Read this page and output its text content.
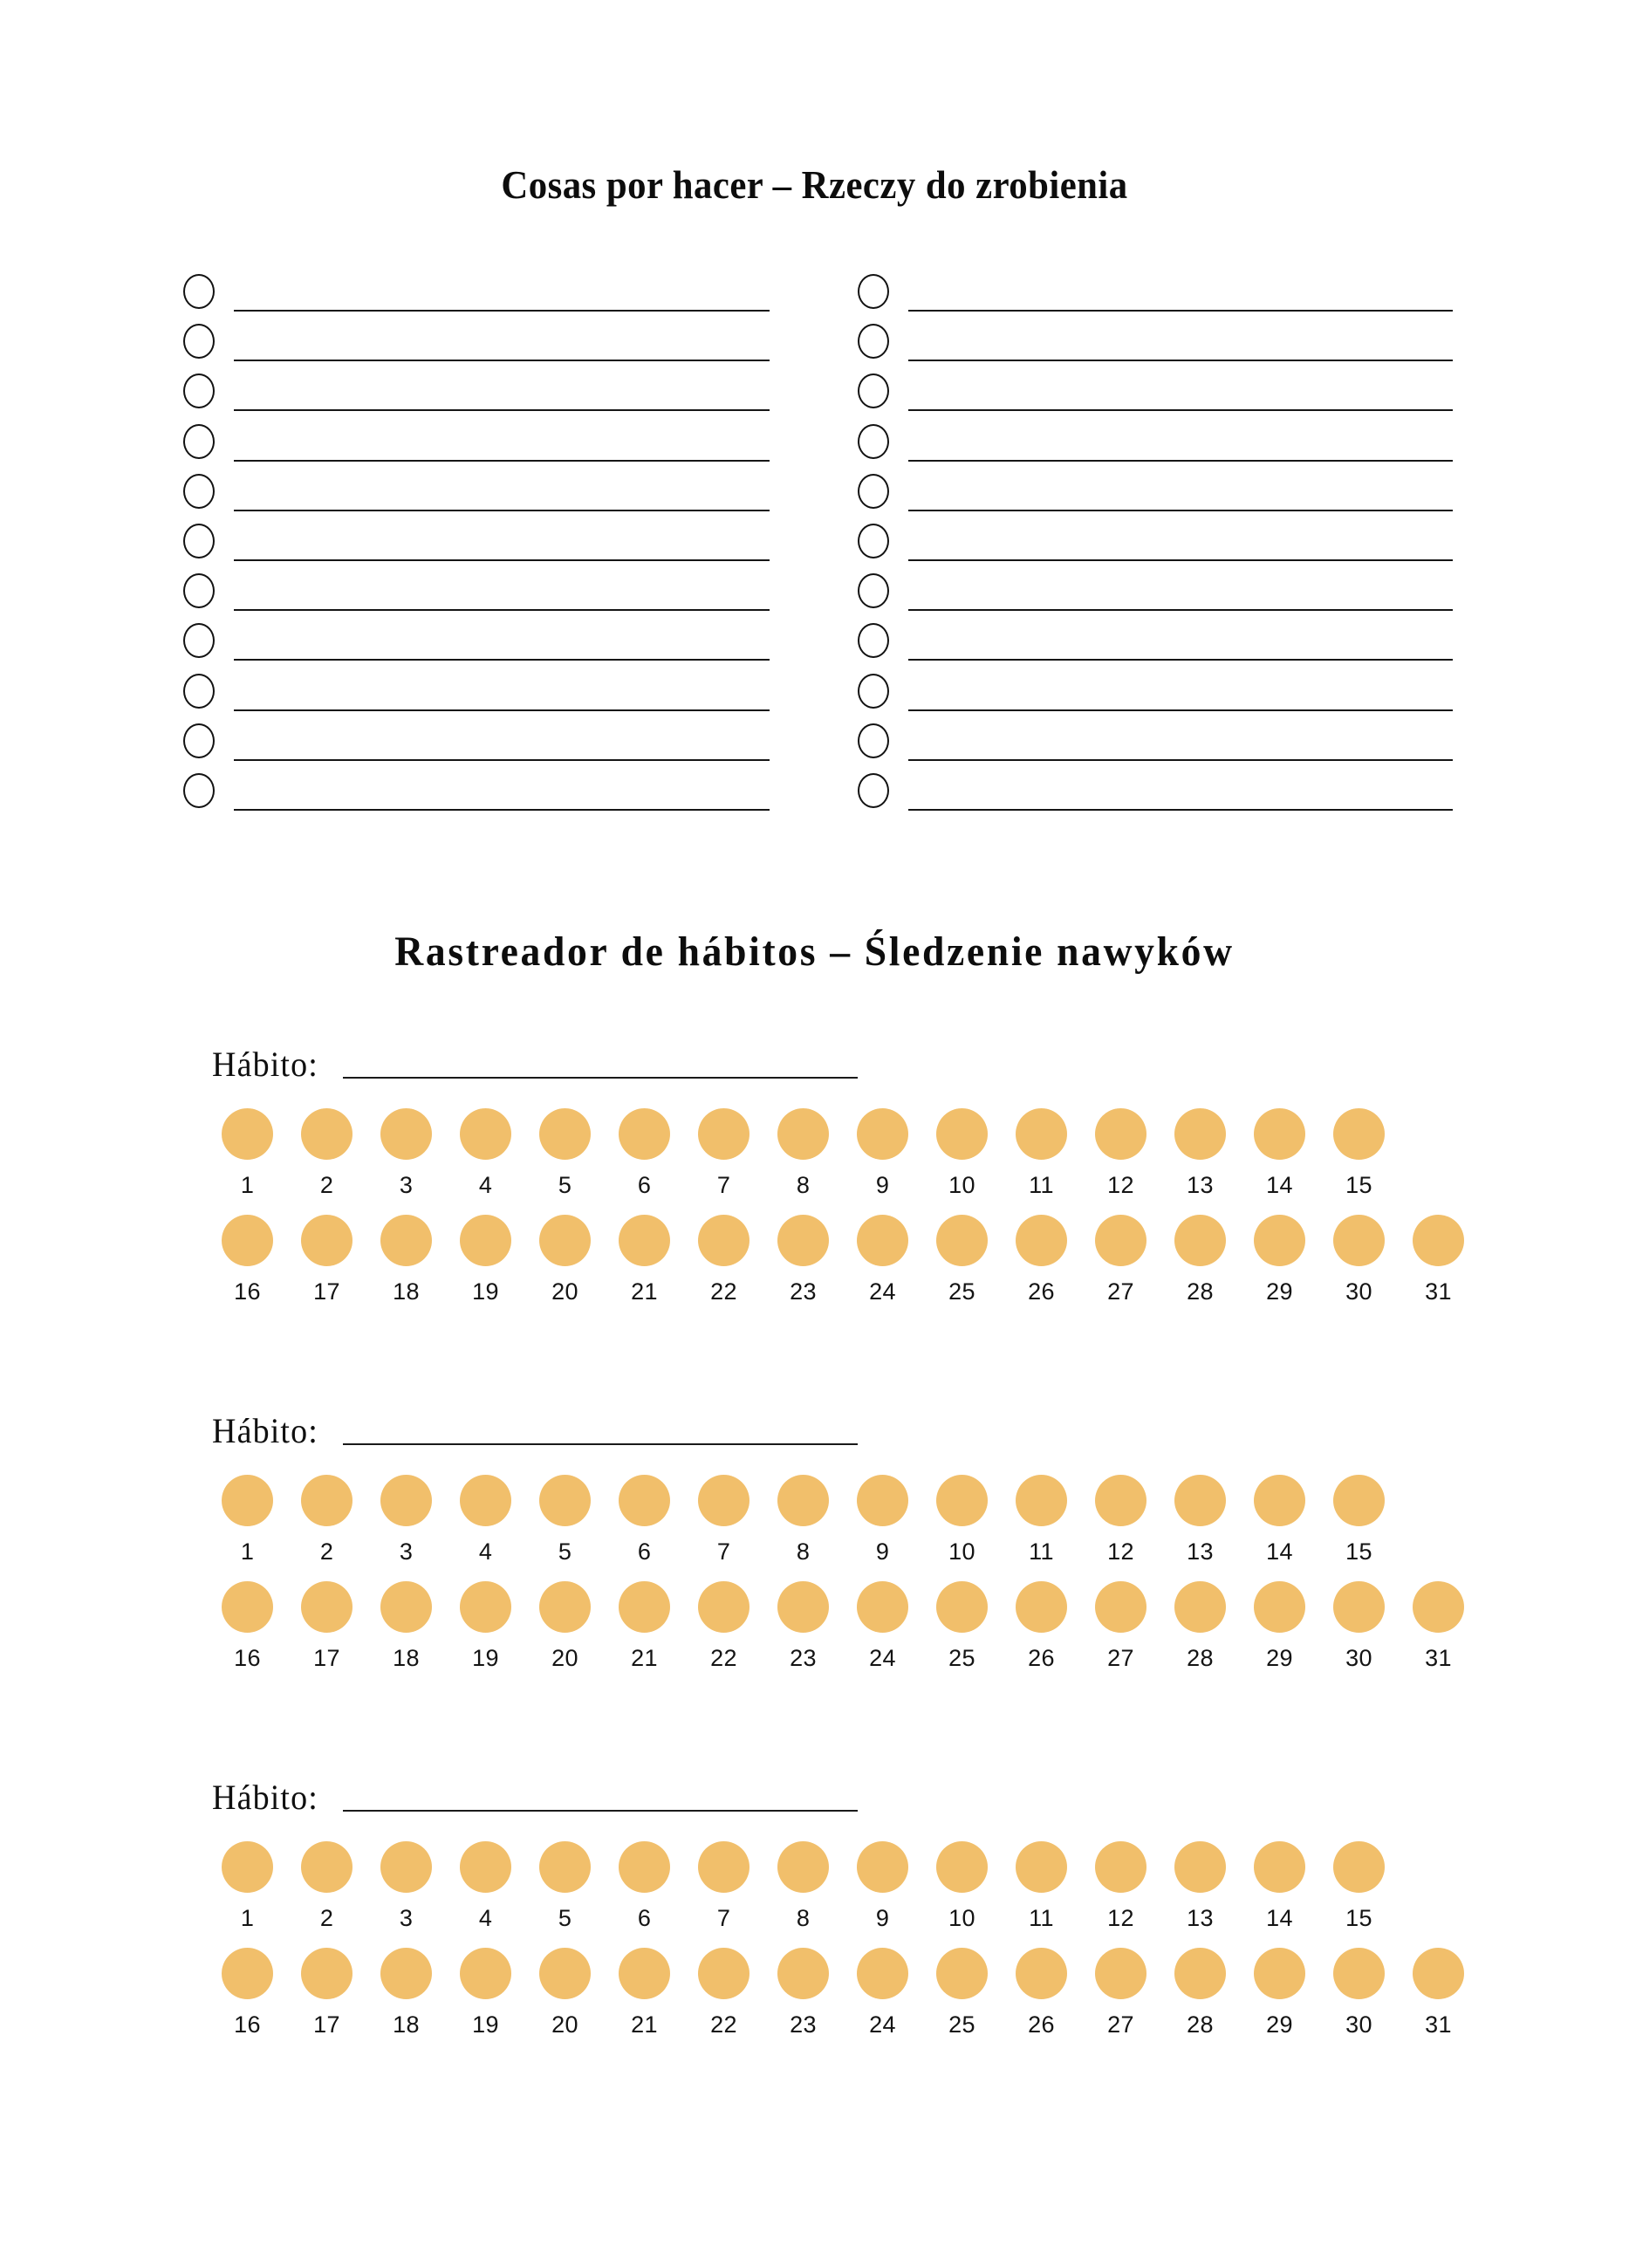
Cosas por hacer – Rzeczy do zrobienia
Rastreador de hábitos – Śledzenie nawyków
Hábito:
1	2	3	4	5	6	7	8	9	10 11 12 13 14 15
16 17 18 19 20 21 22 23 24 25 26 27 28 29 30 31
Hábito:
1	2	3	4	5	6	7	8	9	10 11 12 13 14 15
16 17 18 19 20 21 22 23 24 25 26 27 28 29 30 31
Hábito:
1	2	3	4	5	6	7	8	9	10 11 12 13 14 15
16 17 18 19 20 21 22 23 24 25 26 27 28 29 30 31
